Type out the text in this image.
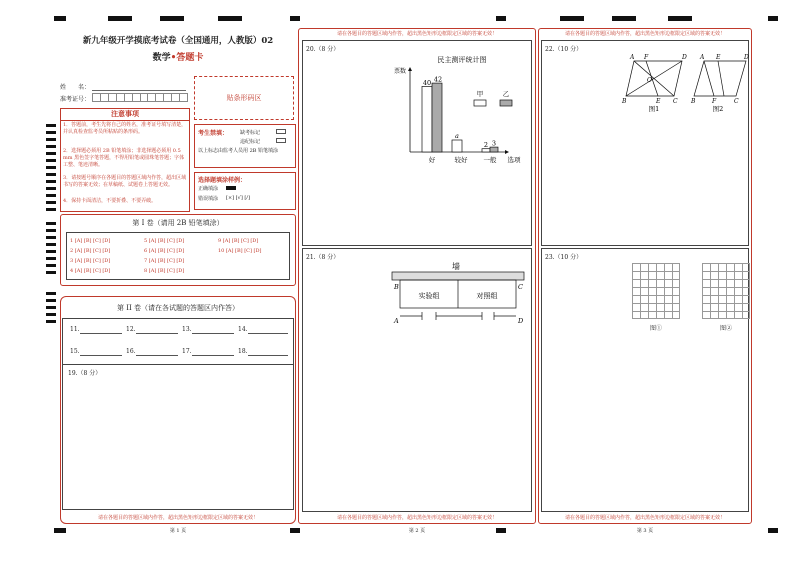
新九年级开学摸底考试卷（全国通用，人教版）02
数学•答题卡
姓　　名：
准考证号：	贴条形码区
注意事项
1．答题前，考生先将自己的姓名，准考证号填写清楚，并认真检查监考员所粘贴的条形码。
2．选择题必须用 2B 铅笔填涂；非选择题必须用 0.5 mm 黑色签字笔答题，不得用铅笔或圆珠笔答题；字体工整、笔迹清晰。
3．请按题号顺序在各题目的答题区域内作答，超出区域书写的答案无效；在草稿纸、试题卷上答题无效。
4．保持卡面清洁，不要折叠、不要弄破。
考生禁填： 缺考标记
违纪标记
以上标志由监考人员用 2B 铅笔填涂
选择题填涂样例：
正确填涂
错误填涂 [×] [√] [/]
第 I 卷（请用 2B 铅笔填涂）
1 [A] [B] [C] [D]	5 [A] [B] [C] [D]	9 [A] [B] [C] [D]
2 [A] [B] [C] [D]	6 [A] [B] [C] [D]	10 [A] [B] [C] [D]
3 [A] [B] [C] [D]	7 [A] [B] [C] [D]
4 [A] [B] [C] [D]	8 [A] [B] [C] [D]
第 II 卷（请在各试题的答题区内作答）
11.	12.	13.	14.
15.	16.	17.	18.
19.（8 分）
请在各题目的答题区域内作答，超出黑色矩形边框限定区域的答案无效！
第 1 页
请在各题目的答题区域内作答，超出黑色矩形边框限定区域的答案无效！
20.（8 分）
民主测评统计图
票数
选项
40 42
a
2 3
好	较好 一般
甲	乙
21.（8 分）
墙
实验组	对照组
B	C
A	D
请在各题目的答题区域内作答，超出黑色矩形边框限定区域的答案无效！
第 2 页
请在各题目的答题区域内作答，超出黑色矩形边框限定区域的答案无效！
22.（10 分）
A F	D
O
B	E C
图1
A E	D
B	F	C
图2
23.（10 分）
图①	图②
请在各题目的答题区域内作答，超出黑色矩形边框限定区域的答案无效！
第 3 页
